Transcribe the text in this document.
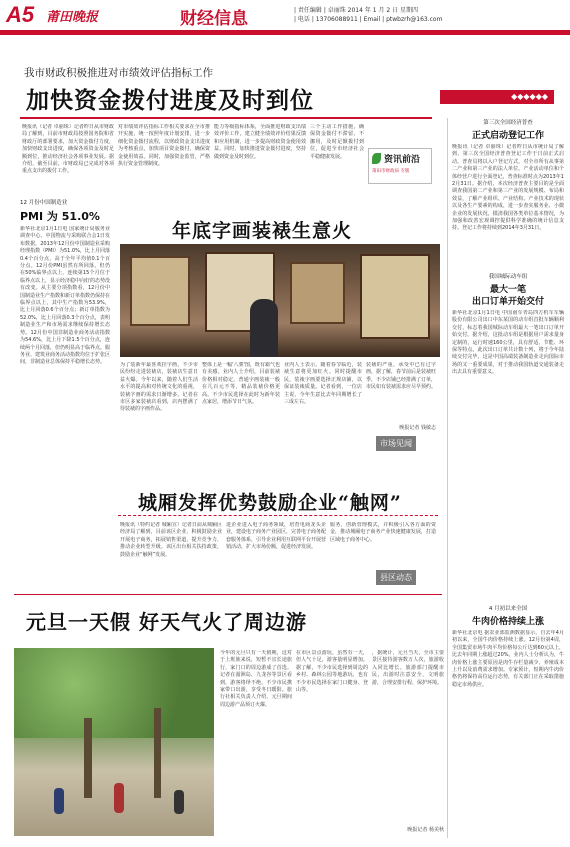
A5 莆田晚报	财经信息	| 责任编辑 | 卓丽珠 2014 年 1 月 2 日 星期四
| 电话 | 13706088911 | Email | ptwbzrh@163.com
我市财政积极推进对市绩效评估指标工作
加快资金拨付进度及时到位
晚报讯（记者 卓丽珠）记者昨日从市财政局了解到，目前市财政局按照国务院和省财政厅的部署要求，加大资金拨付力度，加快财政支出进度，确保各项资金及时足额到位，推动经济社会各项事业发展。据介绍，截至目前，市财政局已完成对各项重点支出的拨付工作。
对市绩效评估指标工作相关要求在全市推开实施，统一按照年度计划安排，进一步细化资金拨付流程，以财政资金支出进度为考核重点，加快项目资金拨付，确保资金使用效益。同时，加强资金监管，严格执行资金管理制度。
能力等级指标体系，全面推进财政支出绩效评价工作，建立健全绩效评价结果反馈和应用机制，进一步提高财政资金使用效益。同时，加快推进资金拨付进度，坚持做到资金及时到位。
三个主动工作措施，确保资金拨付不滞留、不挪用，及时足额拨付到位，促进全市经济社会平稳健康发展。	资讯前沿
莆田市财政局 专版
◆◆◆◆◆◆
12 月份中国制造业
PMI 为 51.0%
新华社北京1月1日电 国家统计局服务业调查中心、中国物流与采购联合会1日发布数据，2013年12月份中国制造业采购经理指数（PMI）为51.0%，比上月回落0.4个百分点，高于全年平均值0.1个百分点。12月份PMI虽然有所回落，但仍在50%临界点以上，连续第15个月位于临界点以上，显示经济稳中向好的态势没有改变。从主要分项指数看，12月份中国制造业生产指数和新订单指数仍保持在临界点以上，其中生产指数为53.9%，比上月回落0.6个百分点；新订单指数为52.0%，比上月回落0.3个百分点，表明制造业生产和市场需求继续保持增长态势。12月份中国非制造业商务活动指数为54.6%，比上月下降1.5个百分点，连续两个月回落，但仍明显高于临界点。服务业、建筑业商务活动指数均位于扩张区间，非制造业总体保持平稳增长态势。
年底字画装裱生意火
为了装新年最喜欢挂字画，不少市民纷纷走进装裱店，装裱店生意日益火爆。今年以来，随着人们生活水平的提高和对传统文化的重视，装裱字画的需求日渐增多。记者在市区多家装裱店看到，店内摆满了待装裱的字画作品。
整体上是一幅'八骏'图，既有霸气也有美感。业内人士介绍，目前装裱价格相对稳定，普通字画装裱一般在几百元不等，精品装裱价格更高。不少市民选择在此时为新年装点家居，增添节日气氛。
业内人士表示，随着春节临近，装裱生意将更加红火。同时提醒市民，装裱字画要选择正规店铺，以保证装裱质量。记者看到，一位店主说，今年生意比去年同期增长了三成左右。
装裱的严重，承受中已有过字画，据了解，春节前后是装裱旺季，不少店铺已经排满了订单，市民如有装裱需求应尽早预约。
晚报记者 钱敏志
市场见闻
城厢发挥优势鼓励企业“触网”
晚报讯（特约记者 城厢宣）记者日前从城厢区经济局了解到，目前该区企业，积极鼓励企业开展电子商务，拓展销售渠道，提升竞争力，推动企业转型升级。该区出台相关扶持政策，鼓励企业“触网”发展。
进企业进入电子商务领域，培育电商龙头企业，建设电子商务产业园区，完善电子商务配套服务体系，引导企业利用互联网平台开展营销活动，扩大市场份额，促进经济发展。
服务，创新管理模式，并积极引入各方面的资金，推动城厢电子商务产业快速健康发展，打造区域电子商务中心。
县区动态
元旦一天假 好天气火了周边游
今年的元旦只有一天假期，这对于上班族来说，短暂不宜长途旅行，家门口的周边游成了首选。记者在湄洲岛、九龙谷等景区看到，游客络绎不绝，不少市民携家带口出游，享受冬日暖阳。旅行社相关负责人介绍，元旦期间周边游产品预订火爆。
在市区景点游玩，虽然有一天，但人气十足，游客量明显增加。据了解，不少市民选择到周边的乡村、森林公园等地游玩，也有不少市民选择在家门口健身、登山等。
，据统计，元旦当天，全市主要景区接待游客数万人次，旅游收入同比增长。旅游部门提醒市民，出游时注意安全，文明旅游，合理安排行程，保护环境。
晚报记者 杨美秋
第三次全国经济普查
正式启动登记工作
晚报讯（记者 卓丽珠）记者昨日从市统计局了解到，第三次全国经济普查登记工作于日前正式启动。普查员将以入户登记方式，对全市所有从事第二产业和第三产业的法人单位、产业活动单位和个体经营户进行全面登记，普查标准时点为2013年12月31日。据介绍，本次经济普查主要目的是全面调查我国第二产业和第三产业的发展规模、布局和效益，了解产业组织、产业结构、产业技术的现状以及各生产要素的构成，进一步查实服务业、小微企业的发展状况，摸清我国各类单位基本情况，为加强和改善宏观调控提供科学准确的统计信息支持。登记工作将持续到2014年3月31日。
我国城际动车组
最大一笔
出口订单开始交付
新华社北京1月1日电 中国南车青岛四方机车车辆股份有限公司出口中东某国的动车组首批车辆顺利交付，标志着我国城际动车组最大一笔出口订单开始交付。据介绍，这批动车组是根据用户需求量身定制的，运行时速160公里，具有舒适、节能、环保等特点。此次出口订单共计数十列，将于今年陆续交付完毕。这是中国高端装备制造业走向国际市场的又一重要成果，对于推动我国轨道交通装备走出去具有重要意义。
4 月初以来全国
牛肉价格持续上涨
新华社北京电 据农业部监测数据显示，自去年4月初以来，全国牛肉价格持续上涨。12月份第4周，全国集贸市场牛肉平均价格每公斤达到60元以上，比去年同期上涨超过20%。业内人士分析认为，牛肉价格上涨主要原因是肉牛存栏量减少、养殖成本上升以及消费需求增加。专家预计，短期内牛肉价格仍将保持高位运行态势，有关部门正在采取措施稳定市场供应。
